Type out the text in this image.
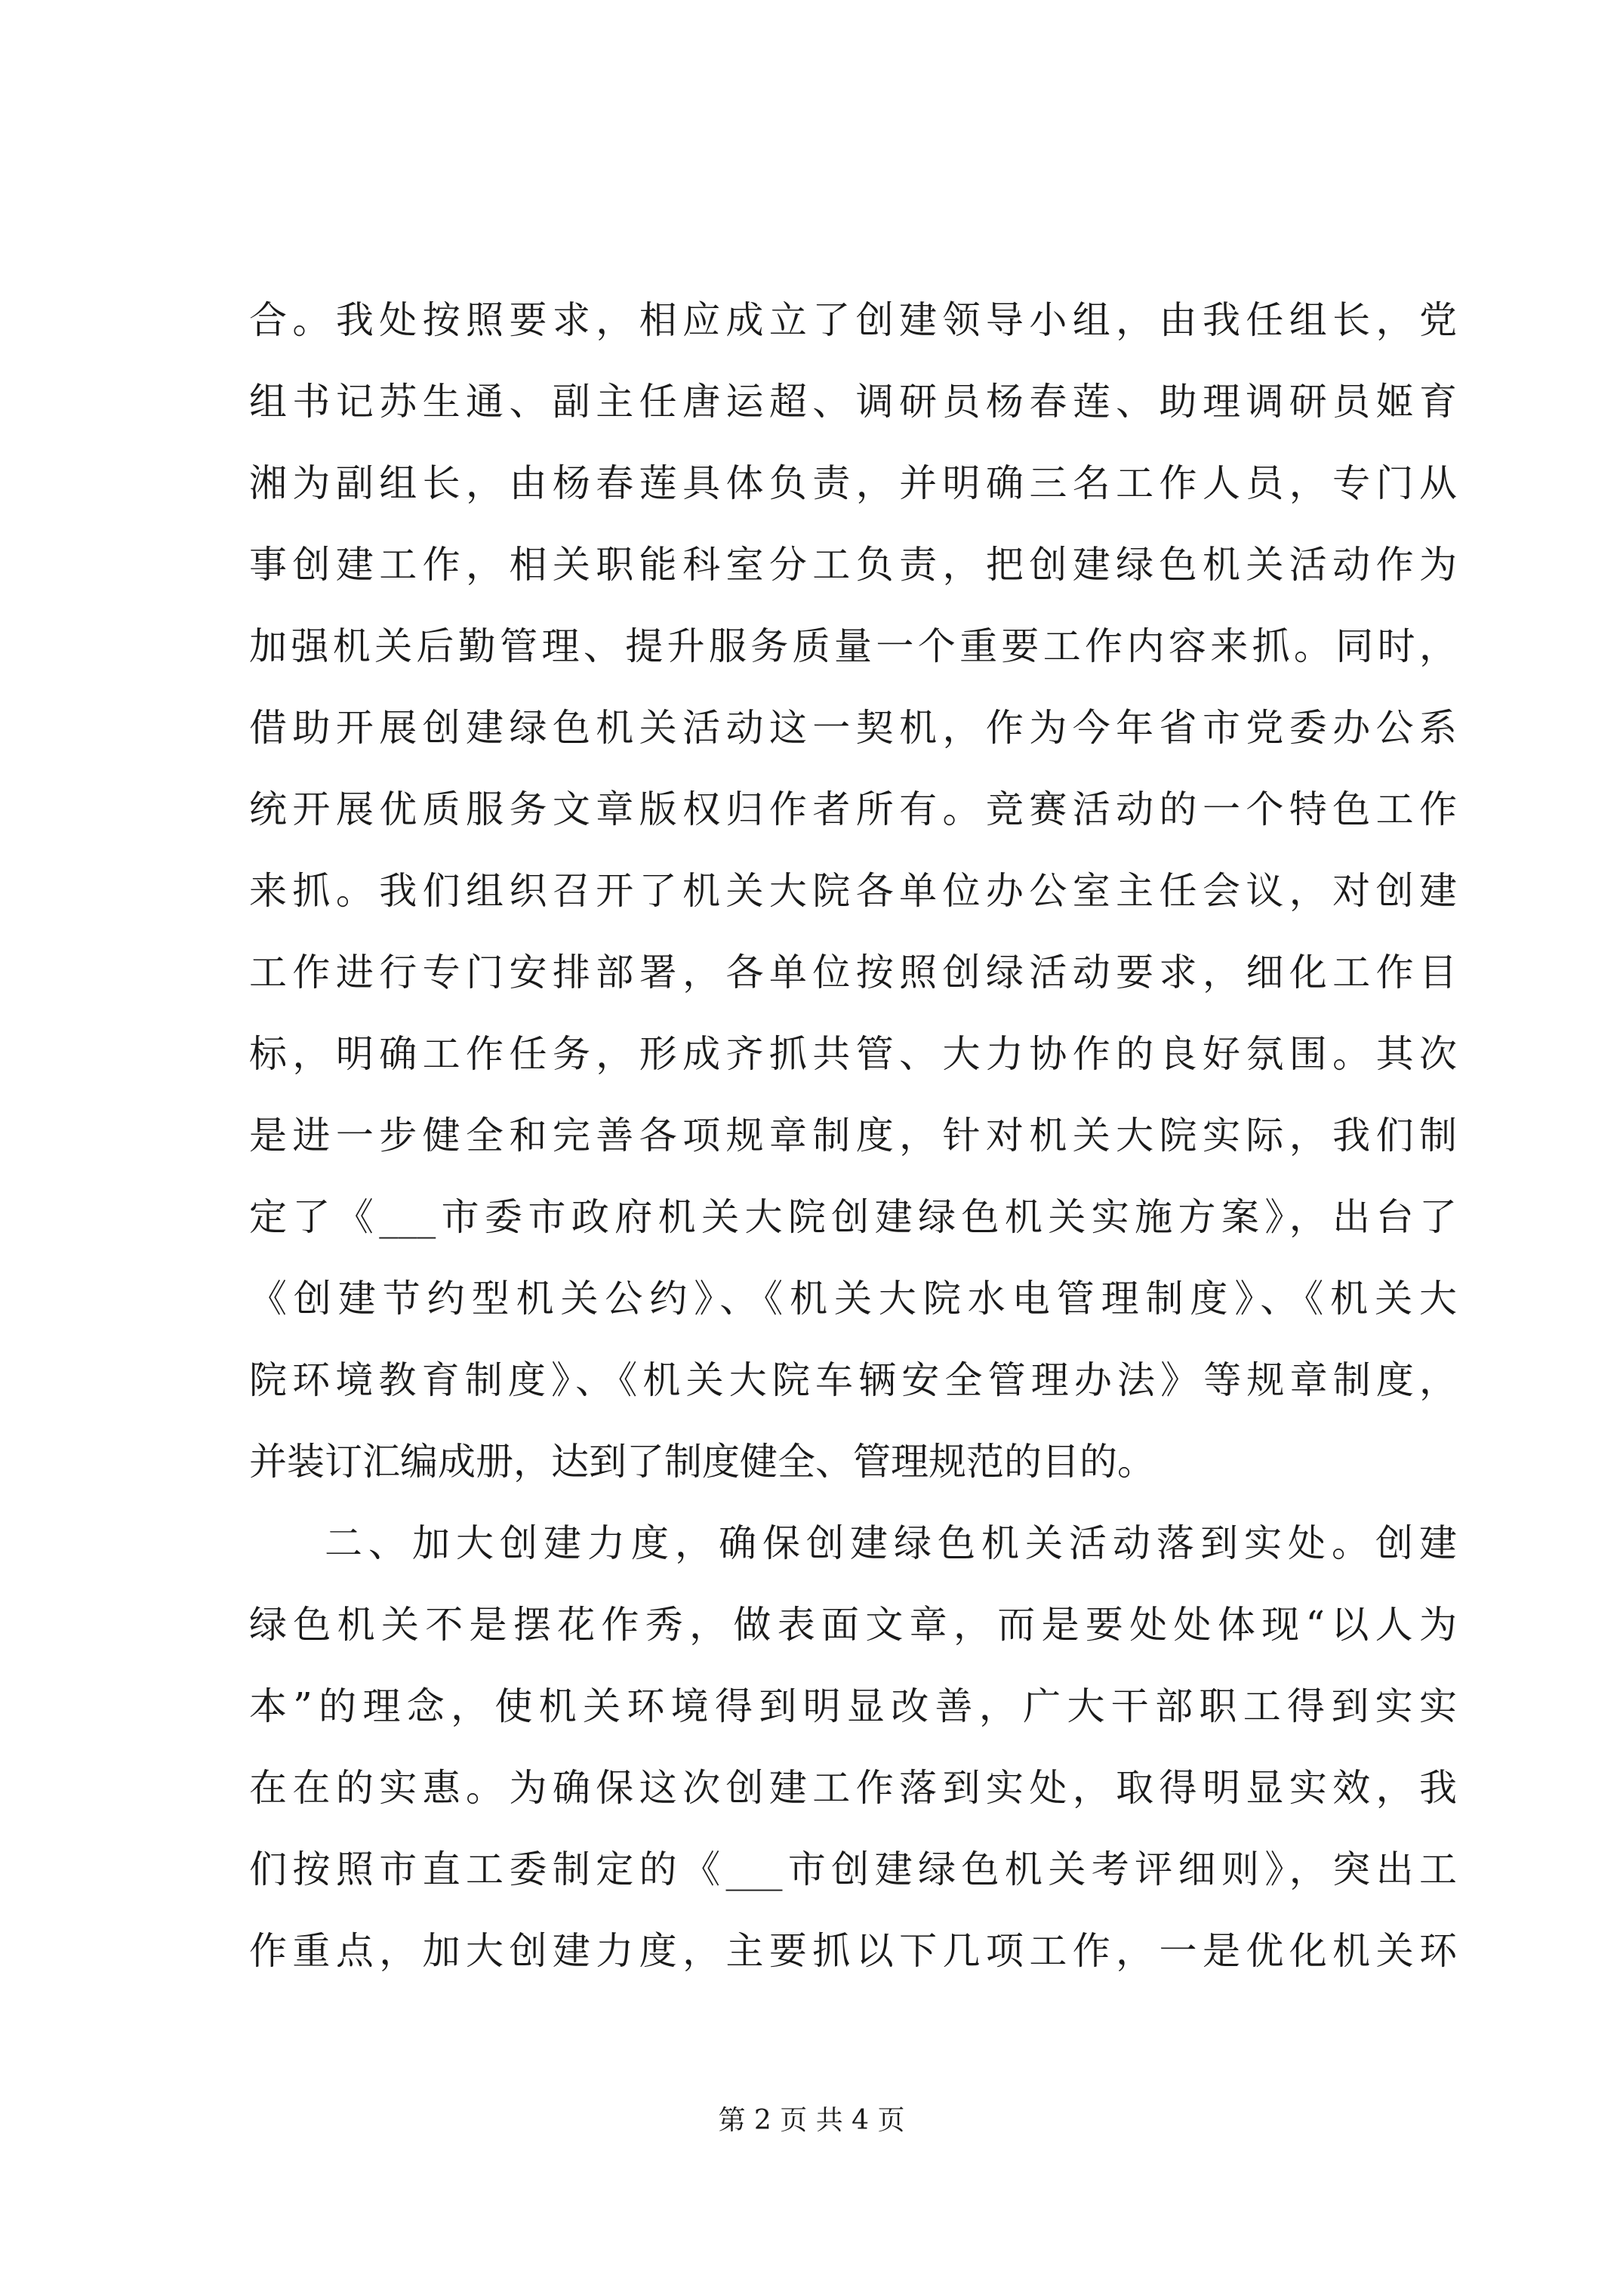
合。我处按照要求，相应成立了创建领导小组，由我任组长，党
组书记苏生通、副主任唐运超、调研员杨春莲、助理调研员姬育
湘为副组长，由杨春莲具体负责，并明确三名工作人员，专门从
事创建工作，相关职能科室分工负责，把创建绿色机关活动作为
加强机关后勤管理、提升服务质量一个重要工作内容来抓。同时，
借助开展创建绿色机关活动这一契机，作为今年省市党委办公系
统开展优质服务文章版权归作者所有。竞赛活动的一个特色工作
来抓。我们组织召开了机关大院各单位办公室主任会议，对创建
工作进行专门安排部署，各单位按照创绿活动要求，细化工作目
标，明确工作任务，形成齐抓共管、大力协作的良好氛围。其次
是进一步健全和完善各项规章制度，针对机关大院实际，我们制
定了《___市委市政府机关大院创建绿色机关实施方案》，出台了
《创建节约型机关公约》、《机关大院水电管理制度》、《机关大
院环境教育制度》、《机关大院车辆安全管理办法》等规章制度，
并装订汇编成册，达到了制度健全、管理规范的目的。
二、加大创建力度，确保创建绿色机关活动落到实处。创建
绿色机关不是摆花作秀，做表面文章，而是要处处体现“以人为
本”的理念，使机关环境得到明显改善，广大干部职工得到实实
在在的实惠。为确保这次创建工作落到实处，取得明显实效，我
们按照市直工委制定的《___市创建绿色机关考评细则》，突出工
作重点，加大创建力度，主要抓以下几项工作，一是优化机关环
第 2 页 共 4 页
